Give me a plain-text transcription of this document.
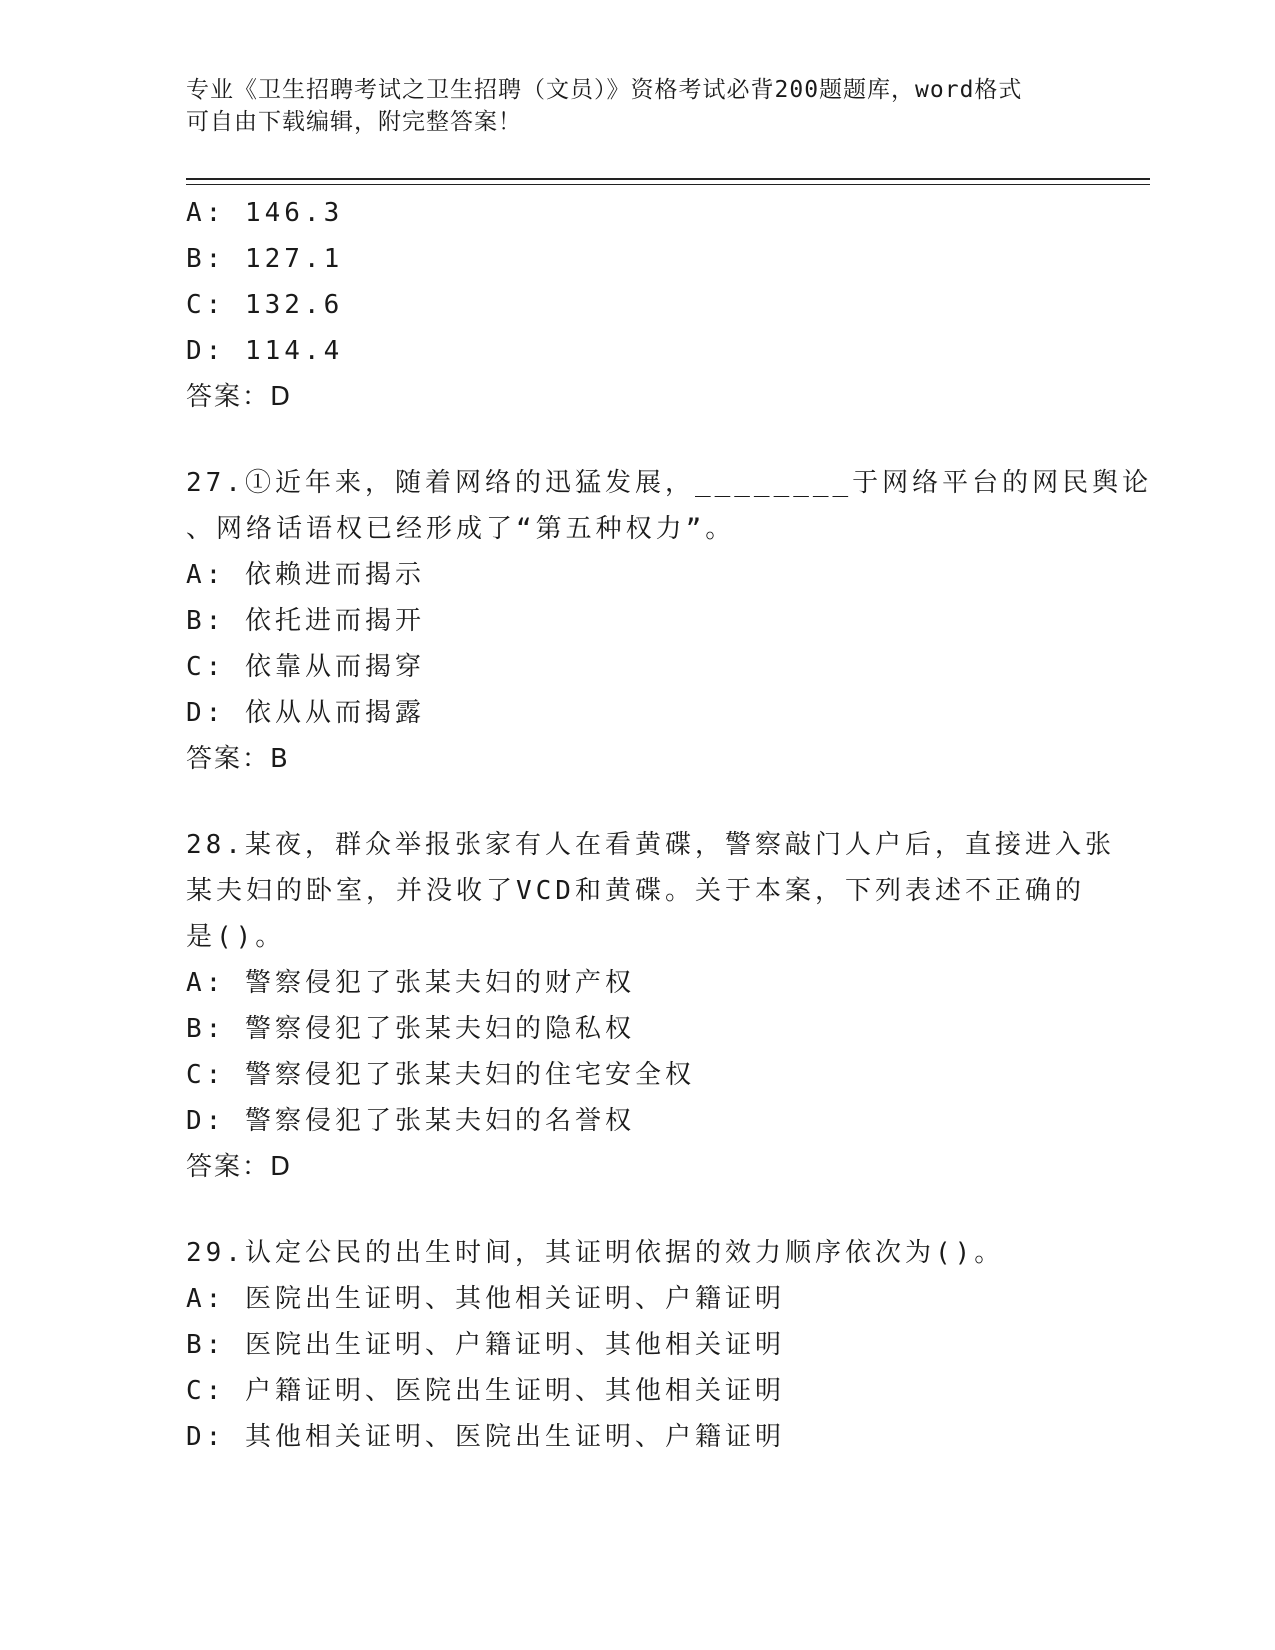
专业《卫生招聘考试之卫生招聘（文员）》资格考试必背200题题库，word格式
可自由下载编辑，附完整答案！
A: 146.3
B: 127.1
C: 132.6
D: 114.4
答案：D
27.①近年来，随着网络的迅猛发展，________于网络平台的网民舆论
、网络话语权已经形成了“第五种权力”。
A: 依赖进而揭示
B: 依托进而揭开
C: 依靠从而揭穿
D: 依从从而揭露
答案：B
28.某夜，群众举报张家有人在看黄碟，警察敲门人户后，直接进入张
某夫妇的卧室，并没收了VCD和黄碟。关于本案，下列表述不正确的
是()。
A: 警察侵犯了张某夫妇的财产权
B: 警察侵犯了张某夫妇的隐私权
C: 警察侵犯了张某夫妇的住宅安全权
D: 警察侵犯了张某夫妇的名誉权
答案：D
29.认定公民的出生时间，其证明依据的效力顺序依次为()。
A: 医院出生证明、其他相关证明、户籍证明
B: 医院出生证明、户籍证明、其他相关证明
C: 户籍证明、医院出生证明、其他相关证明
D: 其他相关证明、医院出生证明、户籍证明
